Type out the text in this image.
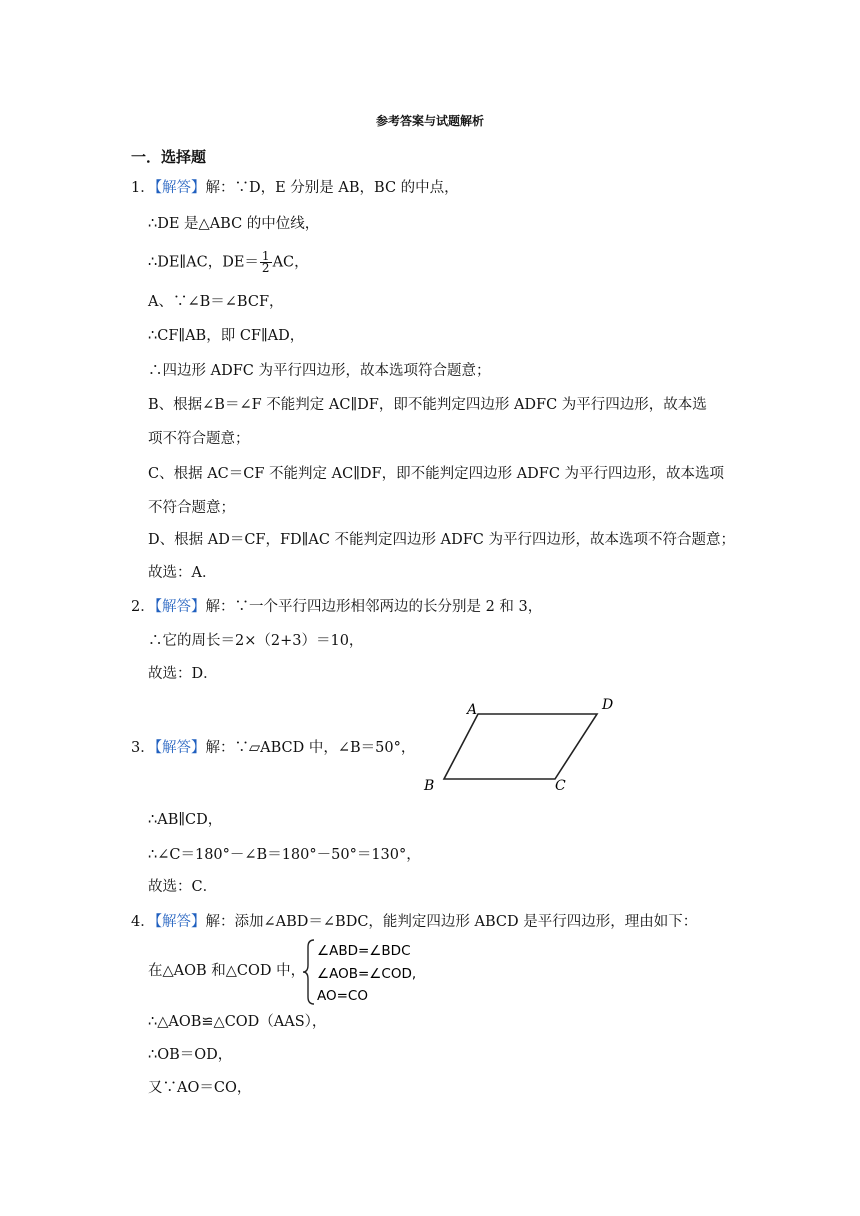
参考答案与试题解析
一．选择题
1．【解答】解：∵D，E 分别是 AB，BC 的中点，
∴DE 是△ABC 的中位线，
∴DE∥AC，$DE= \frac{1}{2}$ AC，
A、∵∠B＝∠BCF，
∴CF∥AB，即 CF∥AD，
∴四边形 ADFC 为平行四边形，故本选项符合题意；
B、根据∠B＝∠F 不能判定 AC∥DF，即不能判定四边形 ADFC 为平行四边形，故本选
项不符合题意；
C、根据 AC＝CF 不能判定 AC∥DF，即不能判定四边形 ADFC 为平行四边形，故本选项
不符合题意；
D、根据 AD＝CF，FD∥AC 不能判定四边形 ADFC 为平行四边形，故本选项不符合题意；
故选：A．
2．【解答】解：∵一个平行四边形相邻两边的长分别是 2 和 3，
∴它的周长＝2×（2+3）＝10，
故选：D．
3．【解答】解：∵▱ABCD 中，∠B＝50°，
A	D
B	C
∴AB∥CD，
∴∠C＝180°－∠B＝180°－50°＝130°，
故选：C．
4．【解答】解：添加∠ABD＝∠BDC，能判定四边形 ABCD 是平行四边形，理由如下：
在△AOB 和△COD 中，
∠ABD=∠BDC
∠AOB=∠COD,
AO=CO
∴△AOB≌△COD（AAS），
∴OB＝OD，
又∵AO＝CO，
